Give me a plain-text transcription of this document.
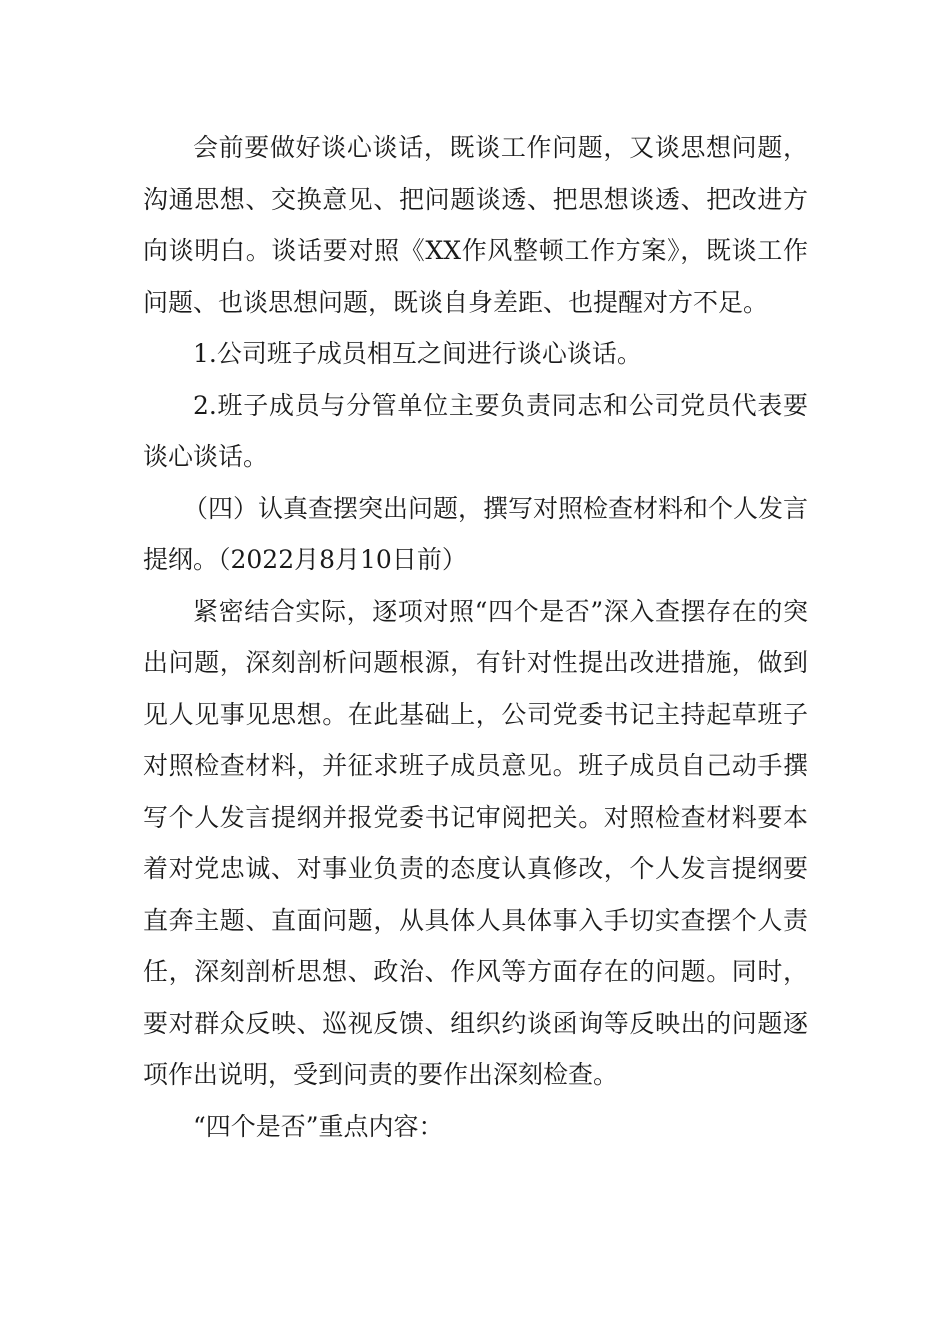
会前要做好谈心谈话，既谈工作问题，又谈思想问题，沟通思想、交换意见、把问题谈透、把思想谈透、把改进方向谈明白。谈话要对照《XX作风整顿工作方案》，既谈工作问题、也谈思想问题，既谈自身差距、也提醒对方不足。

1.公司班子成员相互之间进行谈心谈话。

2.班子成员与分管单位主要负责同志和公司党员代表要谈心谈话。

（四）认真查摆突出问题，撰写对照检查材料和个人发言提纲。（2022月8月10日前）

紧密结合实际，逐项对照“四个是否”深入查摆存在的突出问题，深刻剖析问题根源，有针对性提出改进措施，做到见人见事见思想。在此基础上，公司党委书记主持起草班子对照检查材料，并征求班子成员意见。班子成员自己动手撰写个人发言提纲并报党委书记审阅把关。对照检查材料要本着对党忠诚、对事业负责的态度认真修改，个人发言提纲要直奔主题、直面问题，从具体人具体事入手切实查摆个人责任，深刻剖析思想、政治、作风等方面存在的问题。同时，要对群众反映、巡视反馈、组织约谈函询等反映出的问题逐项作出说明，受到问责的要作出深刻检查。

“四个是否”重点内容：
